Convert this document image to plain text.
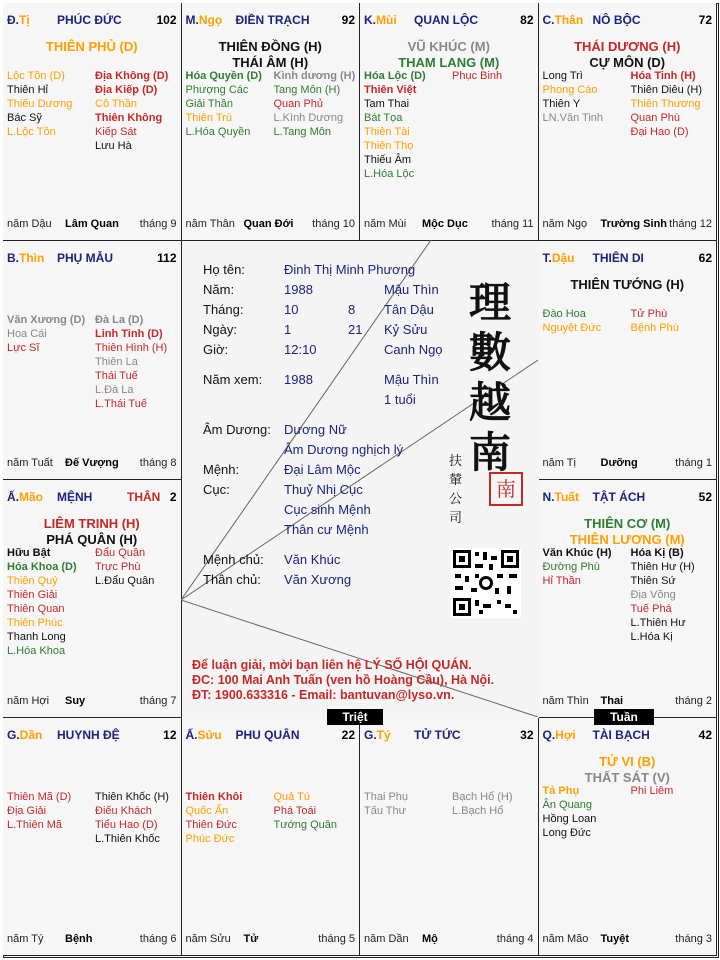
Đ.Tị PHÚC ĐỨC	102
THIÊN PHỦ (D)
Lộc Tồn (D)
Thiên Hỉ
Thiếu Dương
Bác Sỹ
L.Lộc Tồn
Địa Không (D)
Địa Kiếp (D)
Cô Thần
Thiên Không
Kiếp Sát
Lưu Hà
năm Dậu Lâm Quan tháng 9
M.Ngọ ĐIỀN TRẠCH	92
THIÊN ĐỒNG (H)
THÁI ÂM (H)
Hóa Quyền (D)
Phượng Các
Giải Thần
Thiên Trù
L.Hóa Quyền
Kình dương (H)
Tang Môn (H)
Quan Phủ
L.Kình Dương
L.Tang Môn
năm Thân Quan Đới tháng 10
K.Mùi QUAN LỘC	82
VŨ KHÚC (M)
THAM LANG (M)
Hóa Lộc (D)
Thiên Việt
Tam Thai
Bát Tọa
Thiên Tài
Thiên Thọ
Thiếu Âm
L.Hóa Lộc
Phục Binh
năm Mùi Mộc Dục tháng 11
C.Thân NÔ BỘC	72
THÁI DƯƠNG (H)
CỰ MÔN (D)
Long Trì
Phong Cáo
Thiên Y
LN.Văn Tinh
Hóa Tinh (H)
Thiên Diêu (H)
Thiên Thương
Quan Phù
Đại Hao (D)
năm Ngọ Trường Sinh tháng 12
B.Thìn PHỤ MẪU	112
Văn Xương (D)
Hoa Cái
Lực Sĩ
Đà La (D)
Linh Tinh (D)
Thiên Hình (H)
Thiên La
Thái Tuế
L.Đà La
L.Thái Tuế
năm Tuất Đế Vượng tháng 8
T.Dậu THIÊN DI	62
THIÊN TƯỚNG (H)
Đào Hoa
Nguyệt Đức
Tử Phù
Bệnh Phù
năm Tị Dưỡng	tháng 1
Ấ.Mão MỆNH	THÂN 2
LIÊM TRINH (H)
PHÁ QUÂN (H)
Hữu Bật
Hóa Khoa (D)
Thiên Quý
Thiên Giải
Thiên Quan
Thiên Phúc
Thanh Long
L.Hóa Khoa
Đẩu Quân
Trực Phù
L.Đẩu Quân
năm Hợi Suy	tháng 7
N.Tuất TẬT ÁCH	52
THIÊN CƠ (M)
THIÊN LƯƠNG (M)
Văn Khúc (H)
Đường Phù
Hỉ Thần
Hóa Kị (B)
Thiên Hư (H)
Thiên Sứ
Địa Võng
Tuế Phá
L.Thiên Hư
L.Hóa Kị
năm Thìn Thai	tháng 2
G.Dần HUYNH ĐỆ	12
Thiên Mã (D)
Địa Giải
L.Thiên Mã
Thiên Khốc (H)
Điếu Khách
Tiểu Hao (D)
L.Thiên Khốc
năm Tý Bệnh	tháng 6
Ấ.Sửu PHU QUÂN	22
Thiên Khôi
Quốc Ấn
Thiên Đức
Phúc Đức
Quả Tú
Phá Toái
Tướng Quân
năm Sửu Tử	tháng 5
G.Tý TỬ TỨC	32
Thai Phụ
Tấu Thư
Bạch Hổ (H)
L.Bạch Hổ
năm Dần Mộ	tháng 4
Q.Hợi TÀI BẠCH	42
TỬ VI (B)
THẤT SÁT (V)
Tả Phụ
Ân Quang
Hồng Loan
Long Đức
Phi Liêm
năm Mão Tuyệt	tháng 3
Họ tên:	Đinh Thị Minh Phương
Năm:	1988	Mậu Thìn
Tháng:	10	8 Tân Dậu
Ngày:	1	21 Kỷ Sửu
Giờ:	12:10	Canh Ngọ
Năm xem: 1988	Mậu Thìn
1 tuổi
Âm Dương: Dương Nữ
Âm Dương nghịch lý
Mệnh:	Đại Lâm Mộc
Cục:	Thuỷ Nhị Cục
Cục sinh Mệnh
Thân cư Mệnh
Mệnh chủ: Văn Khúc
Thân chủ: Văn Xương
理
數
越
南
南
扶
輦
公
司
Để luận giải, mời bạn liên hệ LÝ SỐ HỘI QUÁN.
ĐC: 100 Mai Anh Tuấn (ven hồ Hoàng Cầu), Hà Nội.
ĐT: 1900.633316 - Email: bantuvan@lyso.vn.
Triệt	Tuần
